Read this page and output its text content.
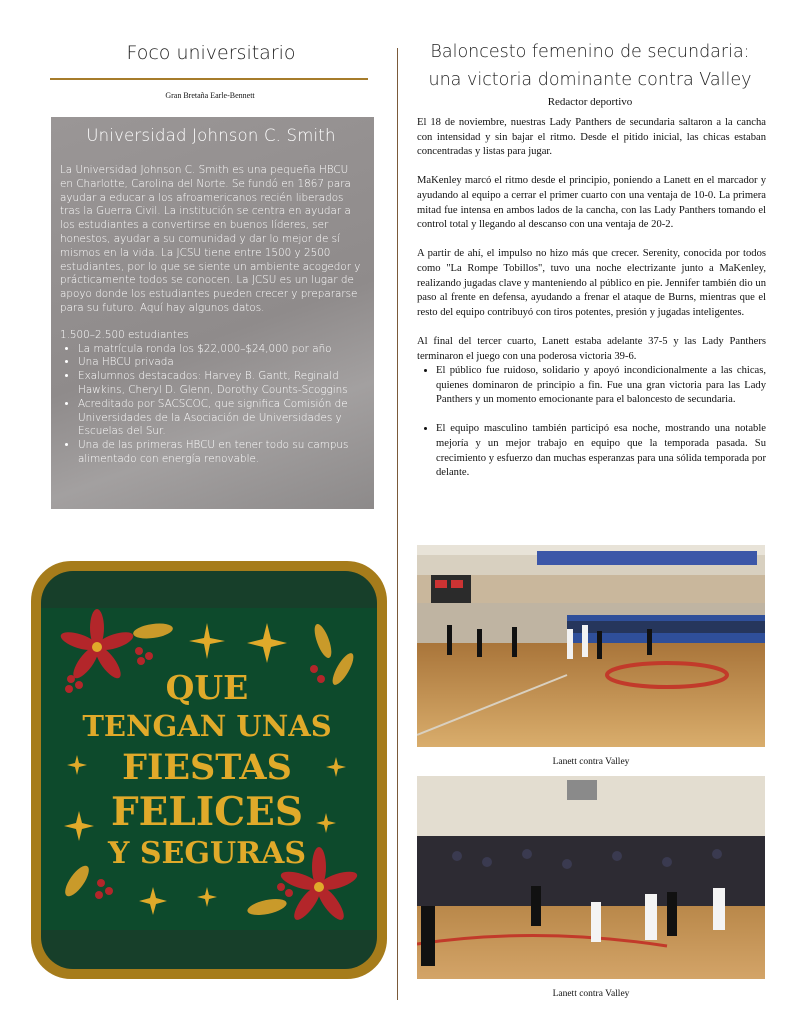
Foco universitario
Gran Bretaña Earle-Bennett
Universidad Johnson C. Smith

La Universidad Johnson C. Smith es una pequeña HBCU en Charlotte, Carolina del Norte. Se fundó en 1867 para ayudar a educar a los afroamericanos recién liberados tras la Guerra Civil. La institución se centra en ayudar a los estudiantes a convertirse en buenos líderes, ser honestos, ayudar a su comunidad y dar lo mejor de sí mismos en la vida. La JCSU tiene entre 1500 y 2500 estudiantes, por lo que se siente un ambiente acogedor y prácticamente todos se conocen. La JCSU es un lugar de apoyo donde los estudiantes pueden crecer y prepararse para su futuro. Aquí hay algunos datos.

1.500–2.500 estudiantes

• La matrícula ronda los $22,000–$24,000 por año
• Una HBCU privada
• Exalumnos destacados: Harvey B. Gantt, Reginald Hawkins, Cheryl D. Glenn, Dorothy Counts-Scoggins
• Acreditado por SACSCOC, que significa Comisión de Universidades de la Asociación de Universidades y Escuelas del Sur.
• Una de las primeras HBCU en tener todo su campus alimentado con energía renovable.
QUE
TENGAN UNAS
FIESTAS
FELICES
Y SEGURAS
Baloncesto femenino de secundaria:
una victoria dominante contra Valley
Redactor deportivo

El 18 de noviembre, nuestras Lady Panthers de secundaria saltaron a la cancha con intensidad y sin bajar el ritmo. Desde el pitido inicial, las chicas estaban concentradas y listas para jugar.

MaKenley marcó el ritmo desde el principio, poniendo a Lanett en el marcador y ayudando al equipo a cerrar el primer cuarto con una ventaja de 10-0. La primera mitad fue intensa en ambos lados de la cancha, con las Lady Panthers tomando el control total y llegando al descanso con una ventaja de 20-2.

A partir de ahí, el impulso no hizo más que crecer. Serenity, conocida por todos como "La Rompe Tobillos", tuvo una noche electrizante junto a MaKenley, realizando jugadas clave y manteniendo al público en pie. Jennifer también dio un paso al frente en defensa, ayudando a frenar el ataque de Burns, mientras que el resto del equipo contribuyó con tiros potentes, presión y jugadas inteligentes.

Al final del tercer cuarto, Lanett estaba adelante 37-5 y las Lady Panthers terminaron el juego con una poderosa victoria 39-6.

• El público fue ruidoso, solidario y apoyó incondicionalmente a las chicas, quienes dominaron de principio a fin. Fue una gran victoria para las Lady Panthers y un momento emocionante para el baloncesto de secundaria.
• El equipo masculino también participó esa noche, mostrando una notable mejoría y un mejor trabajo en equipo que la temporada pasada. Su crecimiento y esfuerzo dan muchas esperanzas para una sólida temporada por delante.
Lanett contra Valley
Lanett contra Valley
